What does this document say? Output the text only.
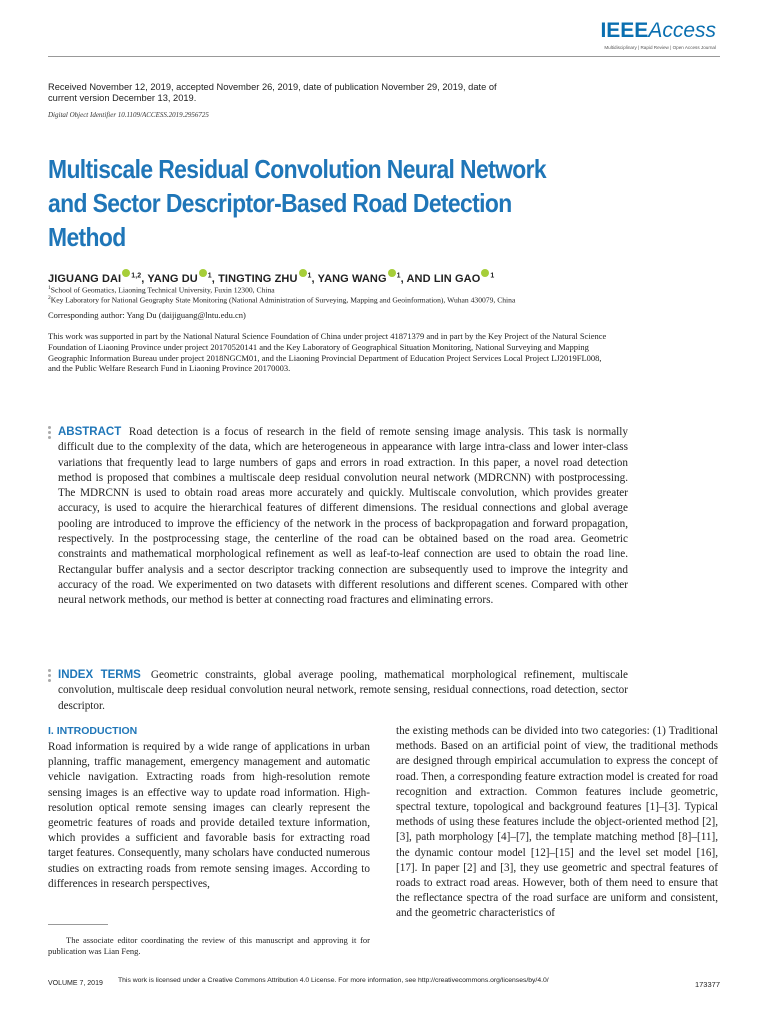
IEEEAccess
Multidisciplinary | Rapid Review | Open Access Journal
Received November 12, 2019, accepted November 26, 2019, date of publication November 29, 2019, date of current version December 13, 2019.
Digital Object Identifier 10.1109/ACCESS.2019.2956725
Multiscale Residual Convolution Neural Network and Sector Descriptor-Based Road Detection Method
JIGUANG DAI $^{1,2}$, YANG DU $^1$, TINGTING ZHU $^1$, YANG WANG $^1$, AND LIN GAO $^1$
$^1$School of Geomatics, Liaoning Technical University, Fuxin 12300, China
$^2$Key Laboratory for National Geography State Monitoring (National Administration of Surveying, Mapping and Geoinformation), Wuhan 430079, China
Corresponding author: Yang Du (daijiguang@lntu.edu.cn)
This work was supported in part by the National Natural Science Foundation of China under project 41871379 and in part by the Key Project of the Natural Science Foundation of Liaoning Province under project 20170520141 and the Key Laboratory of Geographical Situation Monitoring, National Surveying and Mapping Geographic Information Bureau under project 2018NGCM01, and the Liaoning Provincial Department of Education Project Services Local Project LJ2019FL008, and the Public Welfare Research Fund in Liaoning Province 20170003.
ABSTRACT Road detection is a focus of research in the field of remote sensing image analysis. This task is normally difficult due to the complexity of the data, which are heterogeneous in appearance with large intra-class and lower inter-class variations that frequently lead to large numbers of gaps and errors in road extraction. In this paper, a novel road detection method is proposed that combines a multiscale deep residual convolution neural network (MDRCNN) with postprocessing. The MDRCNN is used to obtain road areas more accurately and quickly. Multiscale convolution, which provides greater accuracy, is used to acquire the hierarchical features of different dimensions. The residual connections and global average pooling are introduced to improve the efficiency of the network in the process of backpropagation and forward propagation, respectively. In the postprocessing stage, the centerline of the road can be obtained based on the road area. Geometric constraints and mathematical morphological refinement as well as leaf-to-leaf connection are used to obtain the road line. Rectangular buffer analysis and a sector descriptor tracking connection are subsequently used to improve the integrity and accuracy of the road. We experimented on two datasets with different resolutions and different scenes. Compared with other neural network methods, our method is better at connecting road fractures and eliminating errors.
INDEX TERMS Geometric constraints, global average pooling, mathematical morphological refinement, multiscale convolution, multiscale deep residual convolution neural network, remote sensing, residual connections, road detection, sector descriptor.
I. INTRODUCTION
Road information is required by a wide range of applications in urban planning, traffic management, emergency management and automatic vehicle navigation. Extracting roads from high-resolution remote sensing images is an effective way to update road information. High-resolution optical remote sensing images can clearly represent the geometric features of roads and provide detailed texture information, which provides a sufficient and favorable basis for extracting road target features. Consequently, many scholars have conducted numerous studies on extracting roads from remote sensing images. According to differences in research perspectives,
the existing methods can be divided into two categories: (1) Traditional methods. Based on an artificial point of view, the traditional methods are designed through empirical accumulation to express the concept of road. Then, a corresponding feature extraction model is created for road recognition and extraction. Common features include geometric, spectral texture, topological and background features [1]–[3]. Typical methods of using these features include the object-oriented method [2], [3], path morphology [4]–[7], the template matching method [8]–[11], the dynamic contour model [12]–[15] and the level set model [16], [17]. In paper [2] and [3], they use geometric and spectral features of roads to extract road areas. However, both of them need to ensure that the reflectance spectra of the road surface are uniform and consistent, and the geometric characteristics of
The associate editor coordinating the review of this manuscript and approving it for publication was Lian Feng.
VOLUME 7, 2019 This work is licensed under a Creative Commons Attribution 4.0 License. For more information, see http://creativecommons.org/licenses/by/4.0/	173377
